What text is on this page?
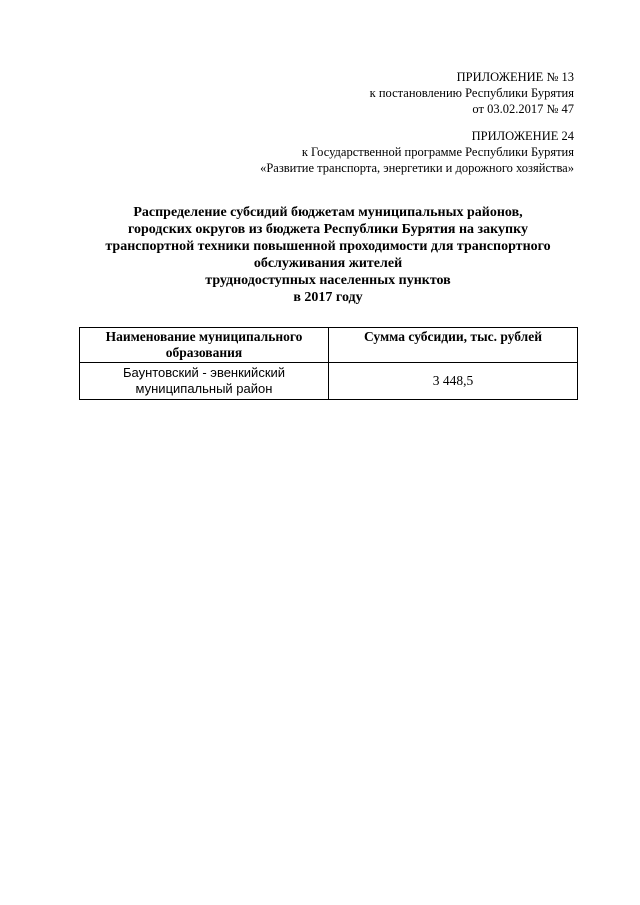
ПРИЛОЖЕНИЕ № 13
к постановлению Республики Бурятия
от 03.02.2017 № 47
ПРИЛОЖЕНИЕ 24
к Государственной программе Республики Бурятия
«Развитие транспорта, энергетики и дорожного хозяйства»
Распределение субсидий бюджетам муниципальных районов,
городских округов из бюджета Республики Бурятия на закупку
транспортной техники повышенной проходимости для транспортного
обслуживания жителей
труднодоступных населенных пунктов
в 2017 году
Наименование муниципального образования	Сумма субсидии, тыс. рублей
Баунтовский - эвенкийский муниципальный район	3 448,5
